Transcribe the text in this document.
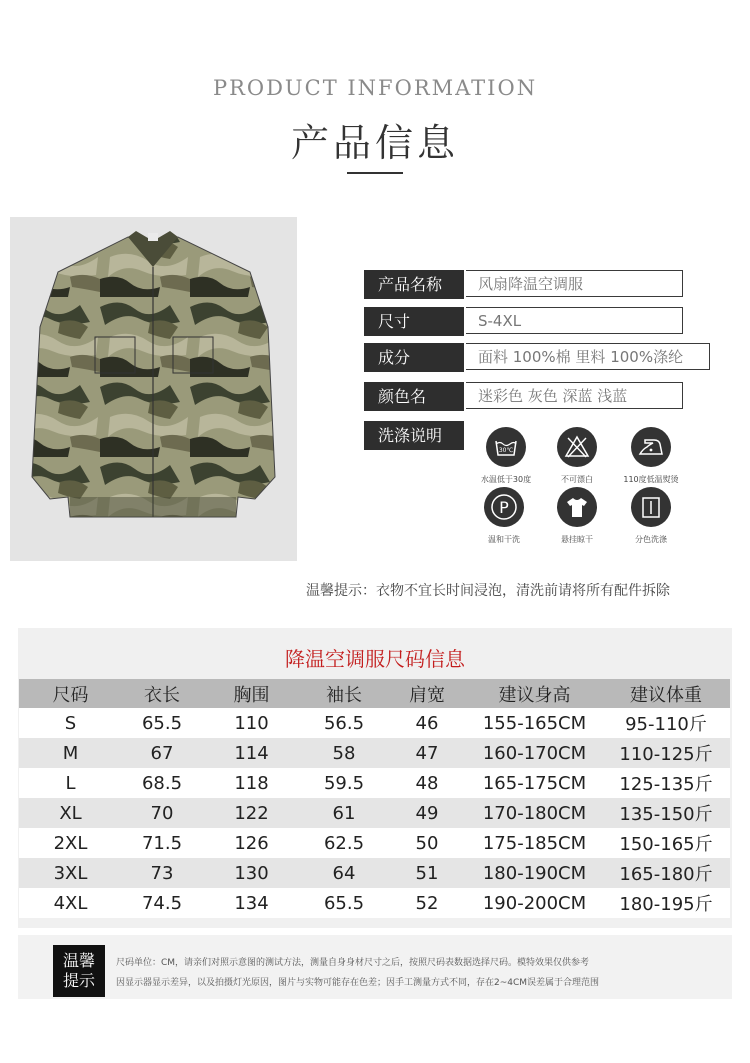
PRODUCT INFORMATION
产品信息
产品名称	风扇降温空调服
尺寸	S-4XL
成分	面料 100%棉 里料 100%涤纶
颜色名	迷彩色 灰色 深蓝 浅蓝
洗涤说明
30℃
水温低于30度	不可漂白	110度低温熨烫
P
温和干洗	悬挂晾干	分色洗涤
温馨提示：衣物不宜长时间浸泡，清洗前请将所有配件拆除
降温空调服尺码信息
尺码	衣长	胸围	袖长	肩宽	建议身高	建议体重
S	65.5	110	56.5	46	155-165CM	95-110斤
M	67	114	58	47	160-170CM	110-125斤
L	68.5	118	59.5	48	165-175CM	125-135斤
XL	70	122	61	49	170-180CM	135-150斤
2XL	71.5	126	62.5	50	175-185CM	150-165斤
3XL	73	130	64	51	180-190CM	165-180斤
4XL	74.5	134	65.5	52	190-200CM	180-195斤
温馨
提示
尺码单位：CM，请亲们对照示意图的测试方法，测量自身身材尺寸之后，按照尺码表数据选择尺码。模特效果仅供参考
因显示器显示差异，以及拍摄灯光原因，图片与实物可能存在色差；因手工测量方式不同，存在2~4CM误差属于合理范围
